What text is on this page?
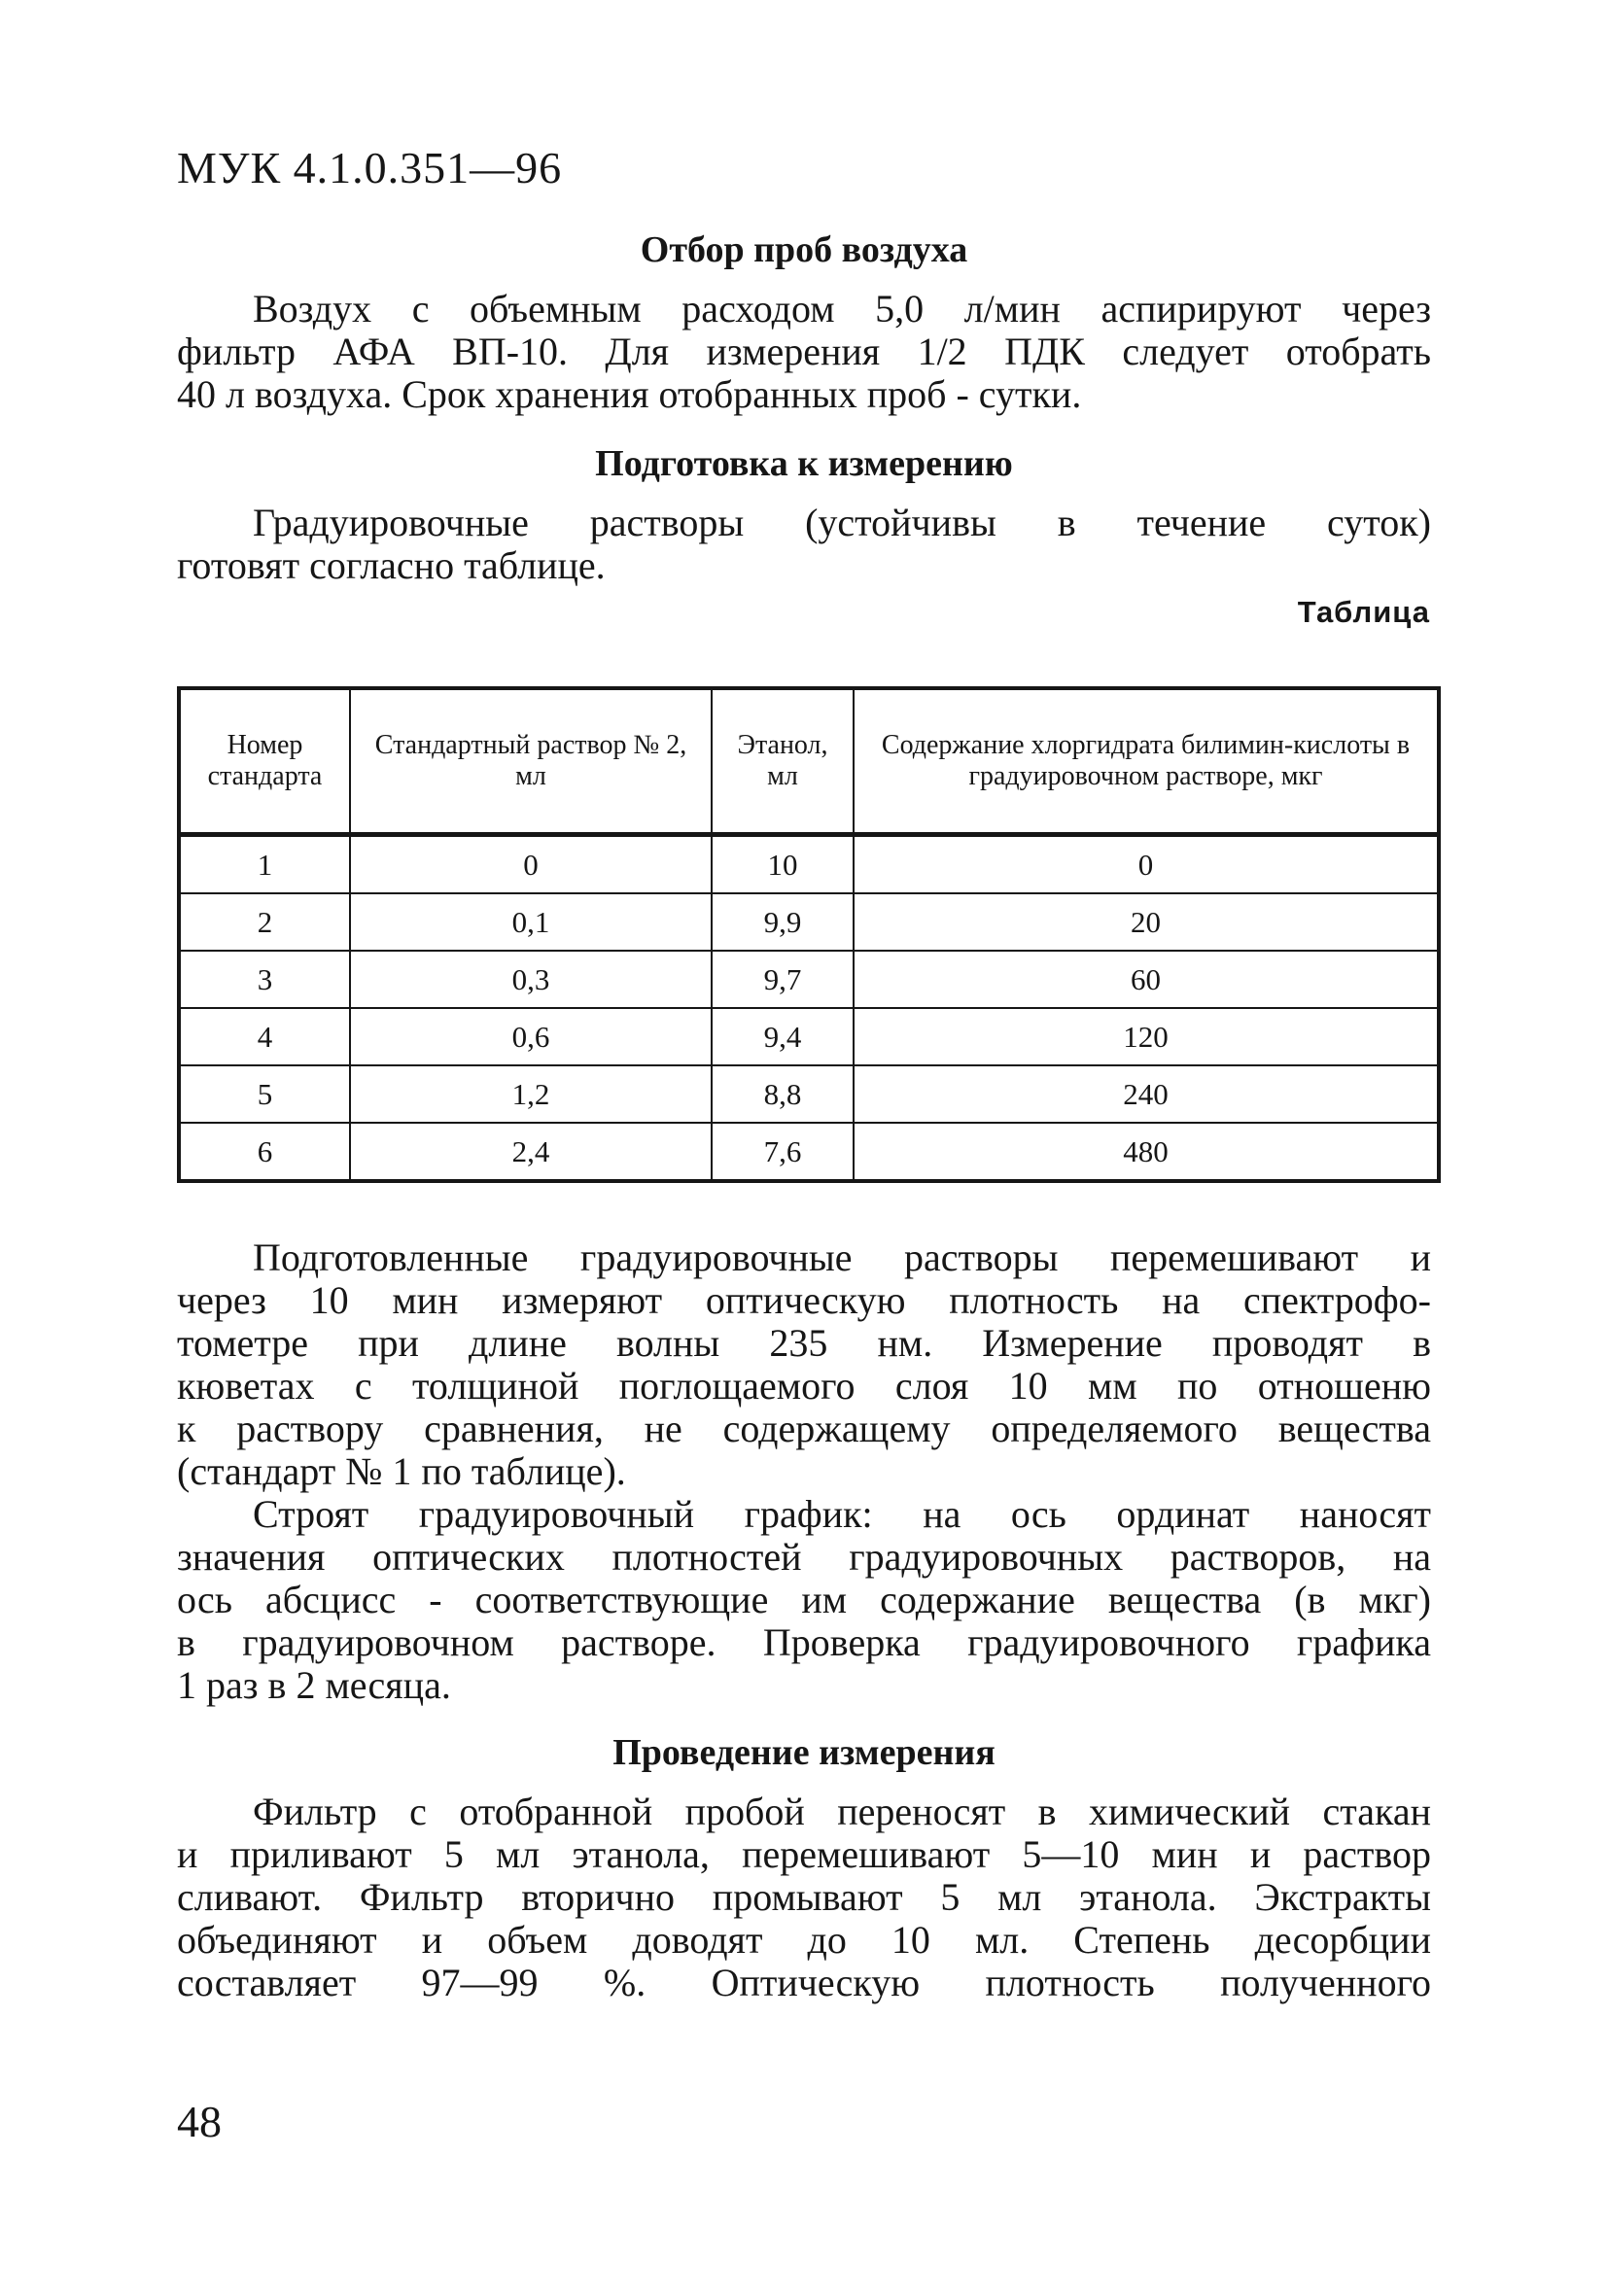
МУК 4.1.0.351—96
Отбор проб воздуха
Воздух с объемным расходом 5,0 л/мин аспирируют через
фильтр АФА ВП-10. Для измерения 1/2 ПДК следует отобрать
40 л воздуха. Срок хранения отобранных проб - сутки.
Подготовка к измерению
Градуировочные растворы (устойчивы в течение суток)
готовят согласно таблице.
Таблица
Номер стандарта	Стандартный раствор № 2, мл	Этанол, мл	Содержание хлоргидрата билимин-кислоты в градуировочном растворе, мкг
1	0	10	0
2	0,1	9,9	20
3	0,3	9,7	60
4	0,6	9,4	120
5	1,2	8,8	240
6	2,4	7,6	480
Подготовленные градуировочные растворы перемешивают и
через 10 мин измеряют оптическую плотность на спектрофо-
тометре при длине волны 235 нм. Измерение проводят в
кюветах с толщиной поглощаемого слоя 10 мм по отношеню
к раствору сравнения, не содержащему определяемого вещества
(стандарт № 1 по таблице).
Строят градуировочный график: на ось ординат наносят
значения оптических плотностей градуировочных растворов, на
ось абсцисс - соответствующие им содержание вещества (в мкг)
в градуировочном растворе. Проверка градуировочного графика
1 раз в 2 месяца.
Проведение измерения
Фильтр с отобранной пробой переносят в химический стакан
и приливают 5 мл этанола, перемешивают 5—10 мин и раствор
сливают. Фильтр вторично промывают 5 мл этанола. Экстракты
объединяют и объем доводят до 10 мл. Степень десорбции
составляет 97—99 %. Оптическую плотность полученного
48
